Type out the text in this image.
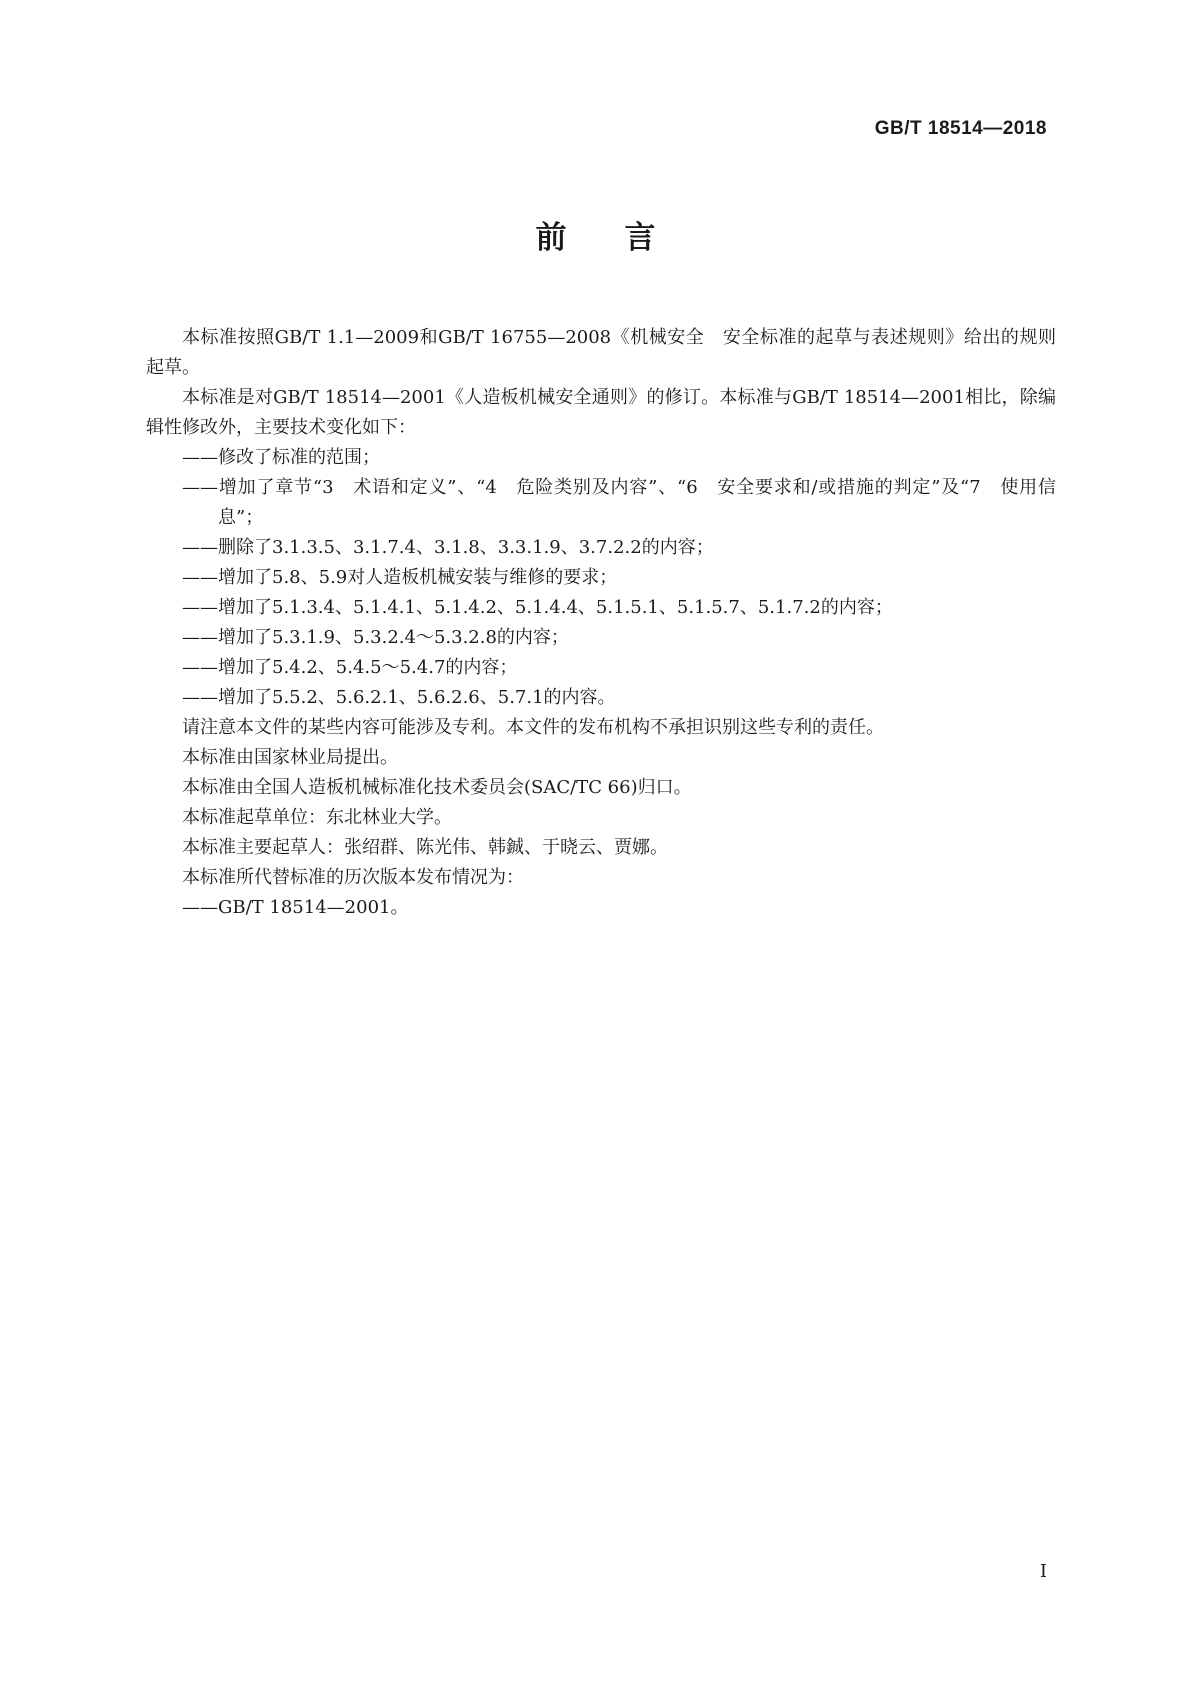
GB/T 18514—2018
前言

本标准按照GB/T 1.1—2009和GB/T 16755—2008《机械安全　安全标准的起草与表述规则》给出的规则起草。

本标准是对GB/T 18514—2001《人造板机械安全通则》的修订。本标准与GB/T 18514—2001相比，除编辑性修改外，主要技术变化如下：

——修改了标准的范围；

——增加了章节“3　术语和定义”、“4　危险类别及内容”、“6　安全要求和/或措施的判定”及“7　使用信息”；

——删除了3.1.3.5、3.1.7.4、3.1.8、3.3.1.9、3.7.2.2的内容；

——增加了5.8、5.9对人造板机械安装与维修的要求；

——增加了5.1.3.4、5.1.4.1、5.1.4.2、5.1.4.4、5.1.5.1、5.1.5.7、5.1.7.2的内容；

——增加了5.3.1.9、5.3.2.4～5.3.2.8的内容；

——增加了5.4.2、5.4.5～5.4.7的内容；

——增加了5.5.2、5.6.2.1、5.6.2.6、5.7.1的内容。

请注意本文件的某些内容可能涉及专利。本文件的发布机构不承担识别这些专利的责任。

本标准由国家林业局提出。

本标准由全国人造板机械标准化技术委员会(SAC/TC 66)归口。

本标准起草单位：东北林业大学。

本标准主要起草人：张绍群、陈光伟、韩鋮、于晓云、贾娜。

本标准所代替标准的历次版本发布情况为：

——GB/T 18514—2001。

I
